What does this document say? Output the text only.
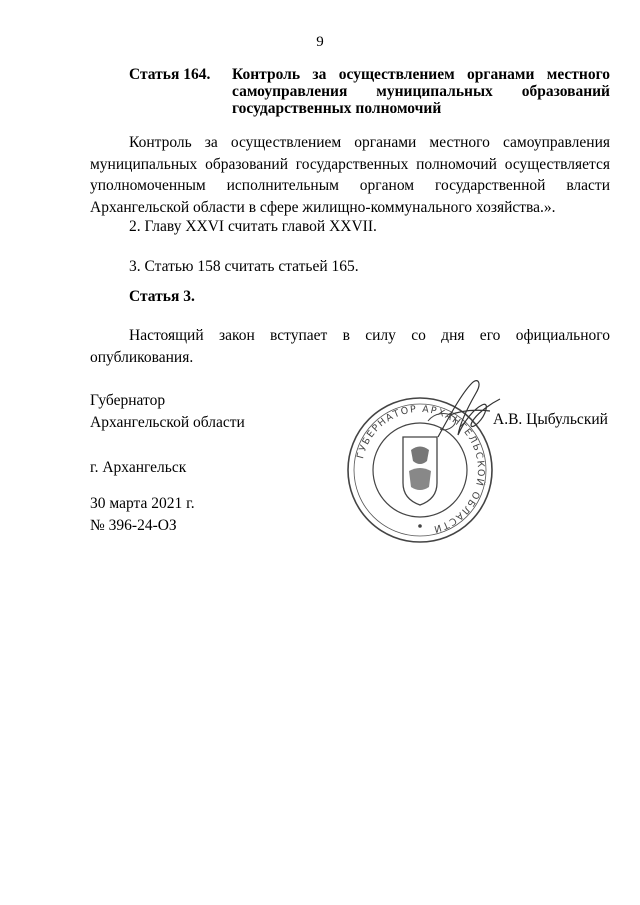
9
Статья 164.	Контроль за осуществлением органами местного самоуправления муниципальных образований государственных полномочий
Контроль за осуществлением органами местного самоуправления муниципальных образований государственных полномочий осуществляется уполномоченным исполнительным органом государственной власти Архангельской области в сфере жилищно-коммунального хозяйства.».
2. Главу XXVI считать главой XXVII.
3. Статью 158 считать статьей 165.
Статья 3.
Настоящий закон вступает в силу со дня его официального опубликования.
Губернатор
Архангельской области	А.В. Цыбульский
ГУБЕРНАТОР АРХАНГЕЛЬСКОЙ ОБЛАСТИ
г. Архангельск
30 марта 2021 г.
№ 396-24-ОЗ
